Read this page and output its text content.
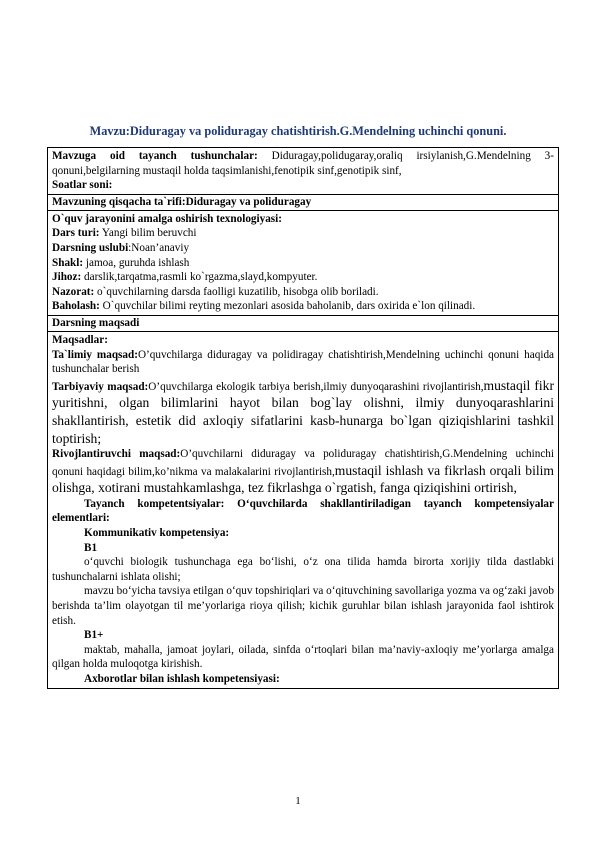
Mavzu:Diduragay va poliduragay chatishtirish.G.Mendelning uchinchi qonuni.

Mavzuga oid tayanch tushunchalar: Diduragay,polidugaray,oraliq irsiylanish,G.Mendelning 3-qonuni,belgilarning mustaqil holda taqsimlanishi,fenotipik sinf,genotipik sinf,

Soatlar soni:

Mavzuning qisqacha ta`rifi:Diduragay va poliduragay

O`quv jarayonini amalga oshirish texnologiyasi:

Dars turi: Yangi bilim beruvchi

Darsning uslubi:Noan’anaviy

Shakl: jamoa, guruhda ishlash

Jihoz: darslik,tarqatma,rasmli ko`rgazma,slayd,kompyuter.

Nazorat: o`quvchilarning darsda faolligi kuzatilib, hisobga olib boriladi.

Baholash: O`quvchilar bilimi reyting mezonlari asosida baholanib, dars oxirida e`lon qilinadi.

Darsning maqsadi

Maqsadlar:

Ta`limiy maqsad:O’quvchilarga diduragay va polidiragay chatishtirish,Mendelning uchinchi qonuni haqida tushunchalar berish

Tarbiyaviy maqsad:O’quvchilarga ekologik tarbiya berish,ilmiy dunyoqarashini rivojlantirish,mustaqil fikr yuritishni, olgan bilimlarini hayot bilan bog`lay olishni, ilmiy dunyoqarashlarini shakllantirish, estetik did axloqiy sifatlarini kasb-hunarga bo`lgan qiziqishlarini tashkil toptirish;

Rivojlantiruvchi maqsad:O’quvchilarni diduragay va poliduragay chatishtirish,G.Mendelning uchinchi qonuni haqidagi bilim,ko’nikma va malakalarini rivojlantirish,mustaqil ishlash va fikrlash orqali bilim olishga, xotirani mustahkamlashga, tez fikrlashga o`rgatish, fanga qiziqishini ortirish,

Tayanch kompetentsiyalar: O‘quvchilarda shakllantiriladigan tayanch kompetensiyalar elementlari:

Kommunikativ kompetensiya:

B1

o‘quvchi biologik tushunchaga ega bo‘lishi, o‘z ona tilida hamda birorta xorijiy tilda dastlabki tushunchalarni ishlata olishi;

mavzu bo‘yicha tavsiya etilgan o‘quv topshiriqlari va o‘qituvchining savollariga yozma va og‘zaki javob berishda ta’lim olayotgan til me’yorlariga rioya qilish; kichik guruhlar bilan ishlash jarayonida faol ishtirok etish.

B1+

maktab, mahalla, jamoat joylari, oilada, sinfda o‘rtoqlari bilan ma’naviy-axloqiy me’yorlarga amalga qilgan holda muloqotga kirishish.

Axborotlar bilan ishlash kompetensiyasi:

1
